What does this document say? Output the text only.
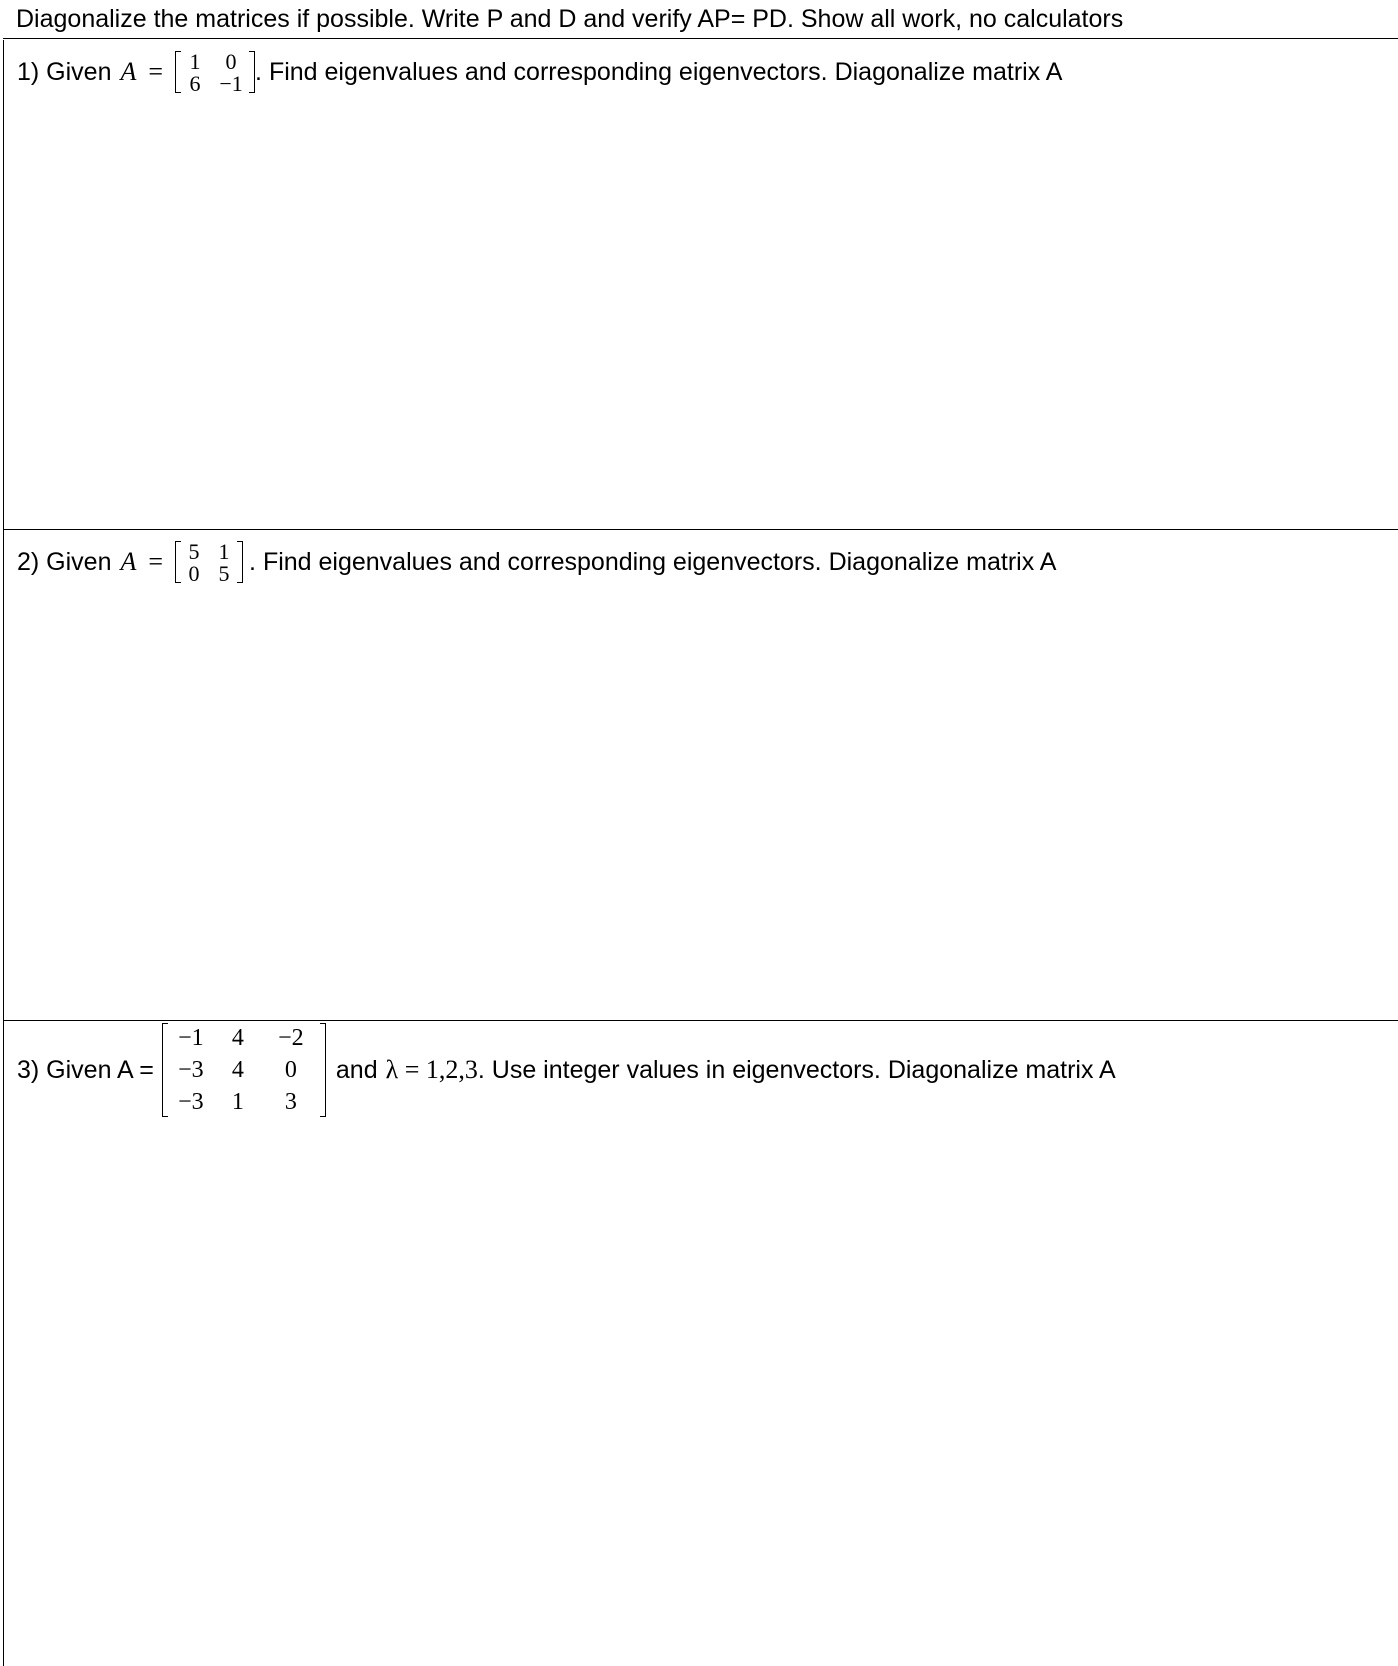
Diagonalize the matrices if possible. Write P and D and verify AP= PD. Show all work, no calculators
1) Given A = 1	0
6	−1 . Find eigenvalues and corresponding eigenvectors. Diagonalize matrix A
2) Given A = 5	1
0	5 . Find eigenvalues and corresponding eigenvectors. Diagonalize matrix A
3) Given A =
−1	4	−2
−3	4	0
−3	1	3
and λ = 1,2,3 . Use integer values in eigenvectors. Diagonalize matrix A
